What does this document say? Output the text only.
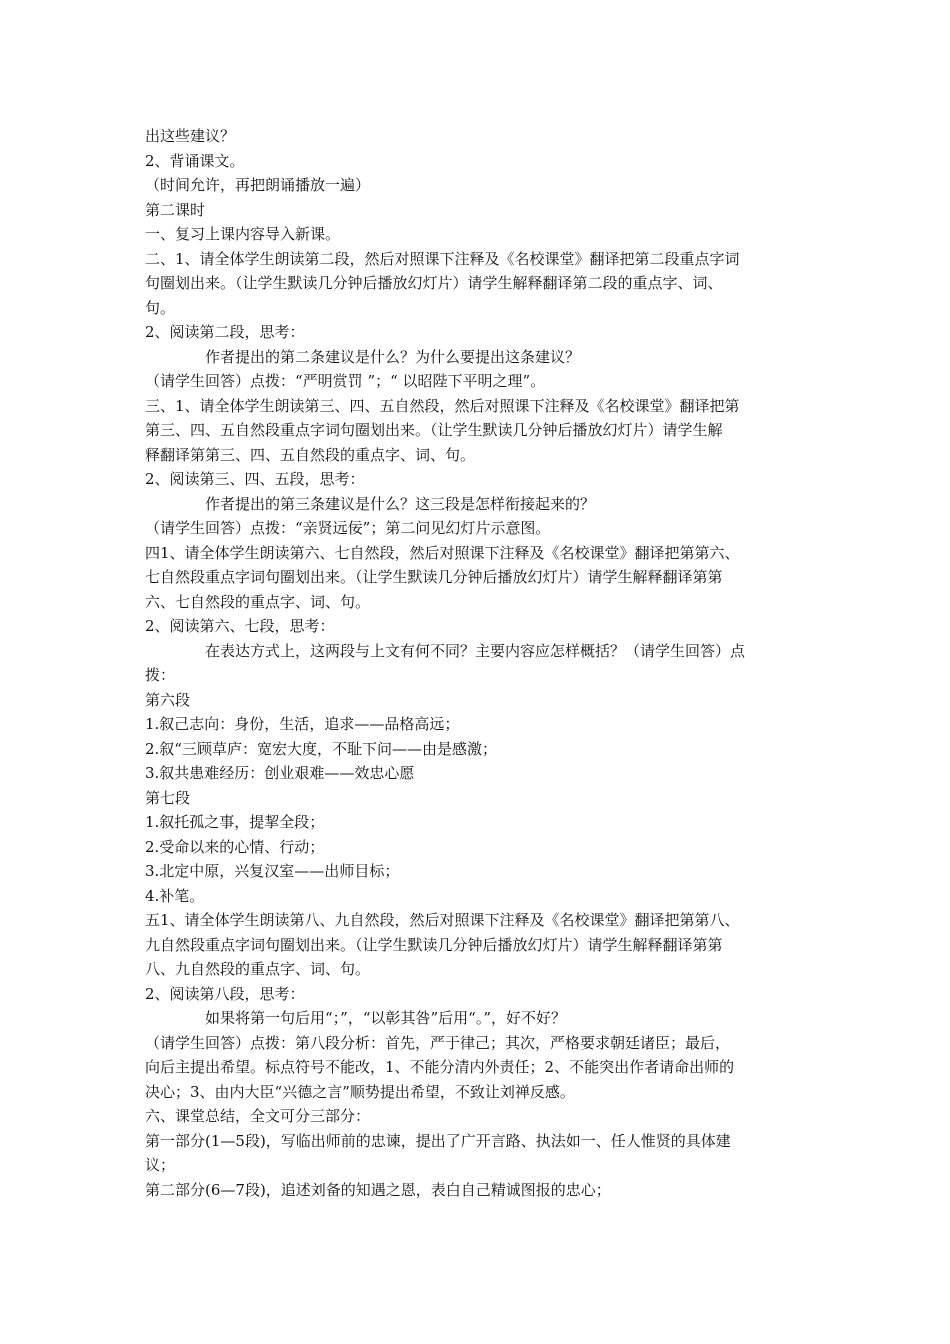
出这些建议？

2、背诵课文。

（时间允许，再把朗诵播放一遍）

第二课时

一、复习上课内容导入新课。

二、1、请全体学生朗读第二段，然后对照课下注释及《名校课堂》翻译把第二段重点字词

句圈划出来。（让学生默读几分钟后播放幻灯片）请学生解释翻译第二段的重点字、词、

句。

2、阅读第二段，思考：

作者提出的第二条建议是什么？为什么要提出这条建议？

（请学生回答）点拨：“严明赏罚 ”；“ 以昭陛下平明之理”。

三、1、请全体学生朗读第三、四、五自然段，然后对照课下注释及《名校课堂》翻译把第

第三、四、五自然段重点字词句圈划出来。（让学生默读几分钟后播放幻灯片）请学生解

释翻译第第三、四、五自然段的重点字、词、句。

2、阅读第三、四、五段，思考：

作者提出的第三条建议是什么？这三段是怎样衔接起来的？

（请学生回答）点拨：“亲贤远佞”；第二问见幻灯片示意图。

四1、请全体学生朗读第六、七自然段，然后对照课下注释及《名校课堂》翻译把第第六、

七自然段重点字词句圈划出来。（让学生默读几分钟后播放幻灯片）请学生解释翻译第第

六、七自然段的重点字、词、句。

2、阅读第六、七段，思考：

在表达方式上，这两段与上文有何不同？主要内容应怎样概括？（请学生回答）点

拨：

第六段

1.叙己志向：身份，生活，追求——品格高远；

2.叙“三顾草庐：宽宏大度，不耻下问——由是感激；

3.叙共患难经历：创业艰难——效忠心愿

第七段

1.叙托孤之事，提挈全段；

2.受命以来的心情、行动；

3.北定中原，兴复汉室——出师目标；

4.补笔。

五1、请全体学生朗读第八、九自然段，然后对照课下注释及《名校课堂》翻译把第第八、

九自然段重点字词句圈划出来。（让学生默读几分钟后播放幻灯片）请学生解释翻译第第

八、九自然段的重点字、词、句。

2、阅读第八段，思考：

如果将第一句后用“；”，“以彰其咎”后用“。”，好不好？

（请学生回答）点拨：第八段分析：首先，严于律己；其次，严格要求朝廷诸臣；最后，

向后主提出希望。标点符号不能改，1、不能分清内外责任；2、不能突出作者请命出师的

决心；3、由内大臣“兴德之言”顺势提出希望，不致让刘禅反感。

六、课堂总结，全文可分三部分：

第一部分(1—5段)，写临出师前的忠谏，提出了广开言路、执法如一、任人惟贤的具体建

议；

第二部分(6—7段)，追述刘备的知遇之恩，表白自己精诚图报的忠心；
